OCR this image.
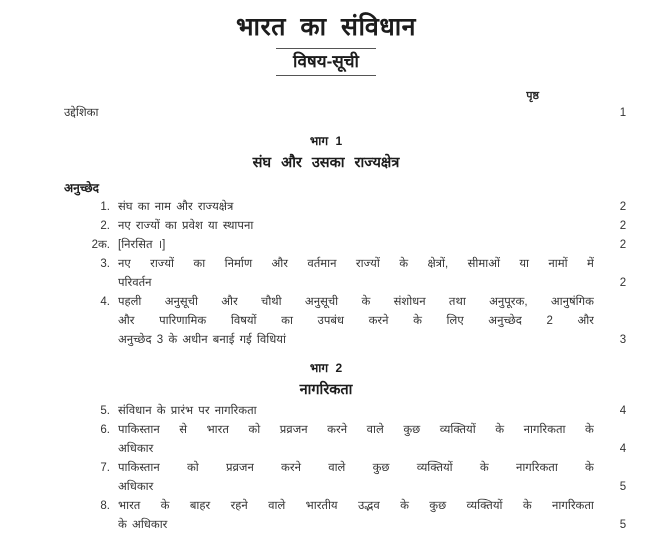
भारत का संविधान
विषय-सूची
पृष्ठ
उद्देशिका	1
भाग 1
संघ और उसका राज्यक्षेत्र
अनुच्छेद
1. संघ का नाम और राज्यक्षेत्र	2
2. नए राज्यों का प्रवेश या स्थापना	2
2क. [निरसित ।]	2
3. नए राज्यों का निर्माण और वर्तमान राज्यों के क्षेत्रों, सीमाओं या नामों में
परिवर्तन	2
4. पहली अनुसूची और चौथी अनुसूची के संशोधन तथा अनुपूरक, आनुषंगिक
और पारिणामिक विषयों का उपबंध करने के लिए अनुच्छेद 2 और
अनुच्छेद 3 के अधीन बनाई गई विधियां	3
भाग 2
नागरिकता
5. संविधान के प्रारंभ पर नागरिकता	4
6. पाकिस्तान से भारत को प्रव्रजन करने वाले कुछ व्यक्तियों के नागरिकता के
अधिकार	4
7. पाकिस्तान को प्रव्रजन करने वाले कुछ व्यक्तियों के नागरिकता के
अधिकार	5
8. भारत के बाहर रहने वाले भारतीय उद्भव के कुछ व्यक्तियों के नागरिकता
के अधिकार	5
